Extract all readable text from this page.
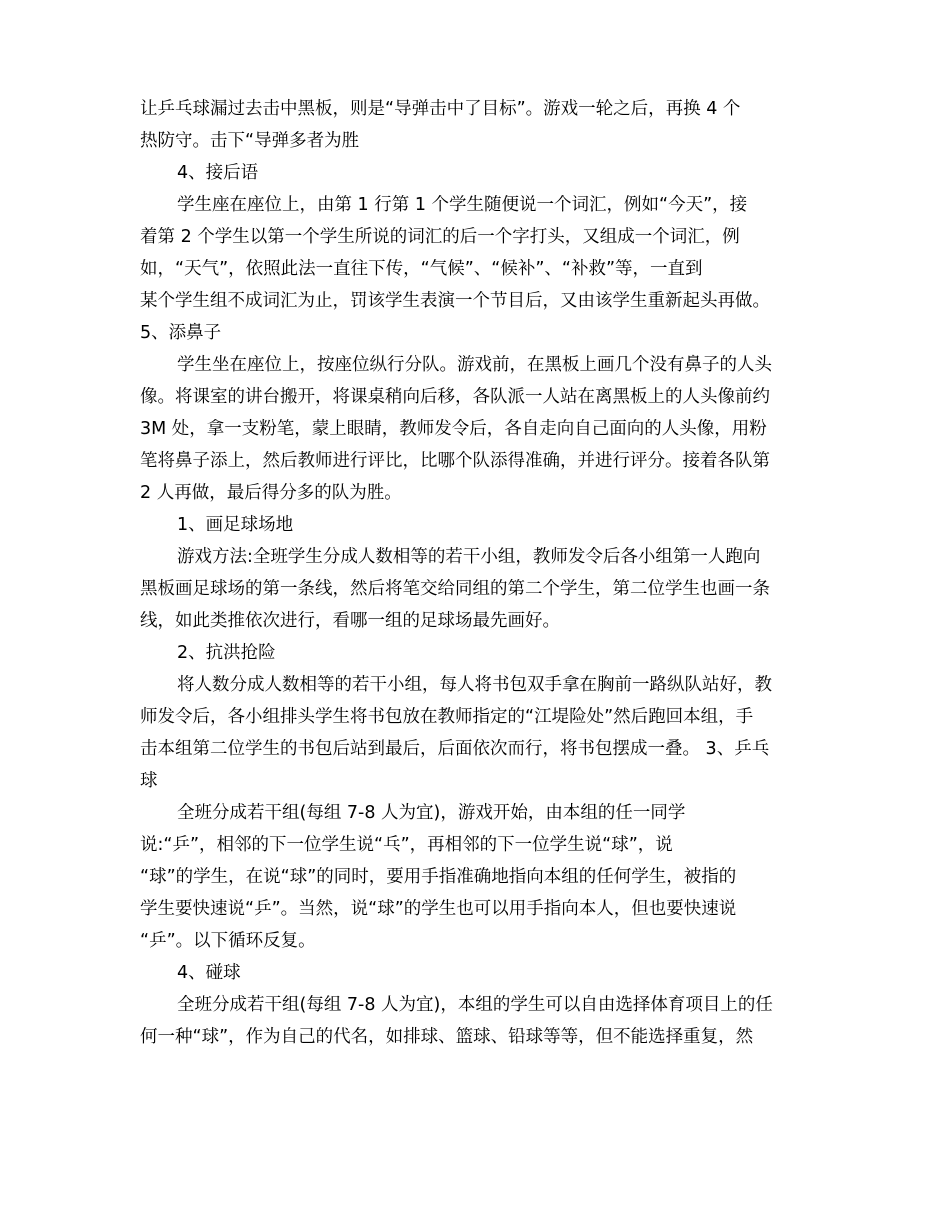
让乒乓球漏过去击中黑板，则是“导弹击中了目标”。游戏一轮之后，再换 4 个
热防守。击下“导弹多者为胜
4、接后语
学生座在座位上，由第 1 行第 1 个学生随便说一个词汇，例如“今天”，接
着第 2 个学生以第一个学生所说的词汇的后一个字打头，又组成一个词汇，例
如，“天气”，依照此法一直往下传，“气候”、“候补”、“补救”等，一直到
某个学生组不成词汇为止，罚该学生表演一个节目后，又由该学生重新起头再做。
5、添鼻子
学生坐在座位上，按座位纵行分队。游戏前，在黑板上画几个没有鼻子的人头
像。将课室的讲台搬开，将课桌稍向后移，各队派一人站在离黑板上的人头像前约
3M 处，拿一支粉笔，蒙上眼睛，教师发令后，各自走向自己面向的人头像，用粉
笔将鼻子添上，然后教师进行评比，比哪个队添得准确，并进行评分。接着各队第
2 人再做，最后得分多的队为胜。
1、画足球场地
游戏方法:全班学生分成人数相等的若干小组，教师发令后各小组第一人跑向
黑板画足球场的第一条线，然后将笔交给同组的第二个学生，第二位学生也画一条
线，如此类推依次进行，看哪一组的足球场最先画好。
2、抗洪抢险
将人数分成人数相等的若干小组，每人将书包双手拿在胸前一路纵队站好，教
师发令后，各小组排头学生将书包放在教师指定的“江堤险处”然后跑回本组，手
击本组第二位学生的书包后站到最后，后面依次而行，将书包摆成一叠。 3、乒乓
球
全班分成若干组(每组 7-8 人为宜)，游戏开始，由本组的任一同学
说:“乒”，相邻的下一位学生说“乓”，再相邻的下一位学生说“球”，说
“球”的学生，在说“球”的同时，要用手指准确地指向本组的任何学生，被指的
学生要快速说“乒”。当然，说“球”的学生也可以用手指向本人，但也要快速说
“乒”。以下循环反复。
4、碰球
全班分成若干组(每组 7-8 人为宜)，本组的学生可以自由选择体育项目上的任
何一种“球”，作为自己的代名，如排球、篮球、铅球等等，但不能选择重复，然
